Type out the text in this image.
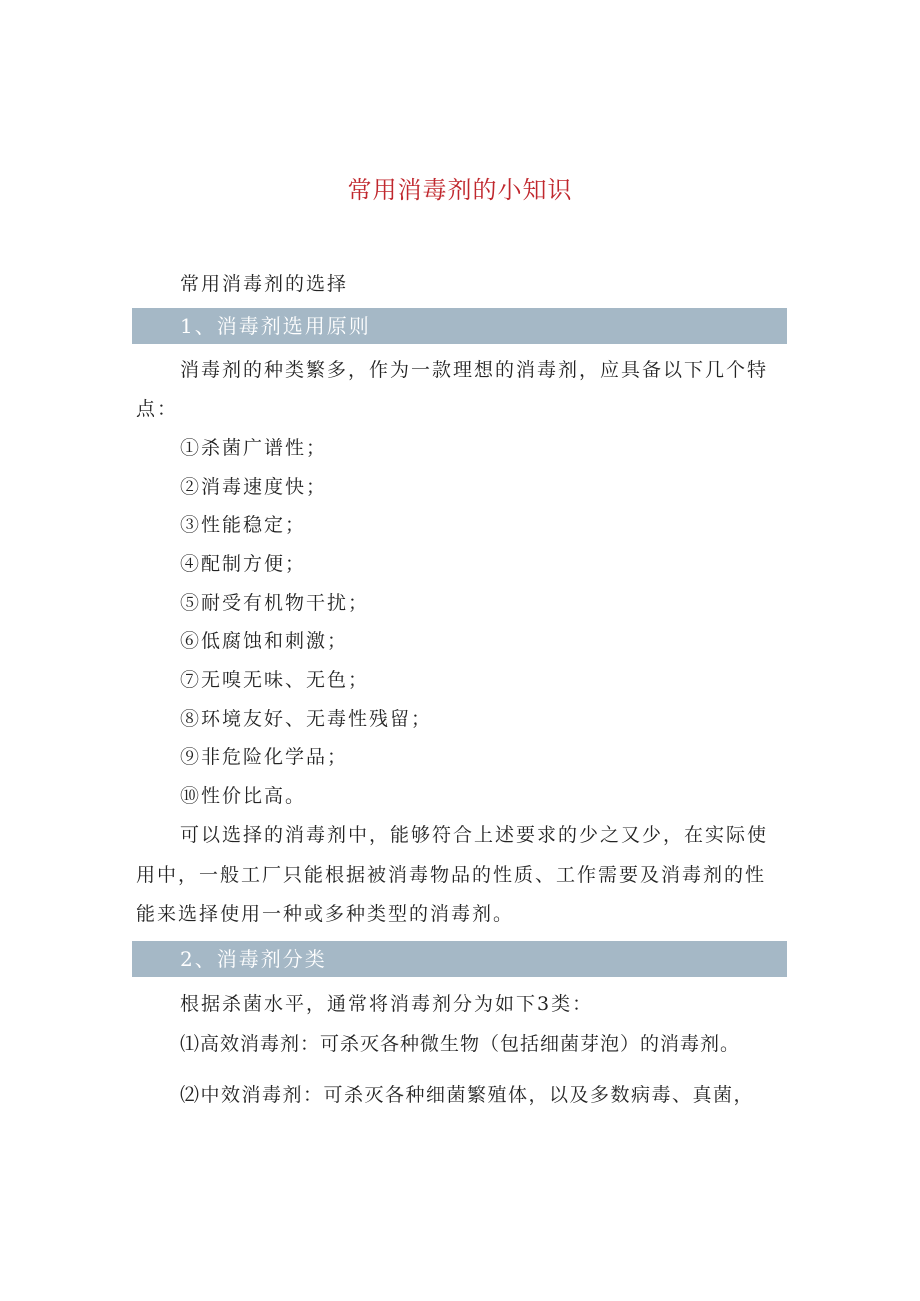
常用消毒剂的小知识
常用消毒剂的选择
1、消毒剂选用原则
消毒剂的种类繁多，作为一款理想的消毒剂，应具备以下几个特
点：
①杀菌广谱性；
②消毒速度快；
③性能稳定；
④配制方便；
⑤耐受有机物干扰；
⑥低腐蚀和刺激；
⑦无嗅无味、无色；
⑧环境友好、无毒性残留；
⑨非危险化学品；
⑩性价比高。
可以选择的消毒剂中，能够符合上述要求的少之又少，在实际使
用中，一般工厂只能根据被消毒物品的性质、工作需要及消毒剂的性
能来选择使用一种或多种类型的消毒剂。
2、消毒剂分类
根据杀菌水平，通常将消毒剂分为如下3类：
⑴高效消毒剂：可杀灭各种微生物（包括细菌芽泡）的消毒剂。
⑵中效消毒剂：可杀灭各种细菌繁殖体，以及多数病毒、真菌，
